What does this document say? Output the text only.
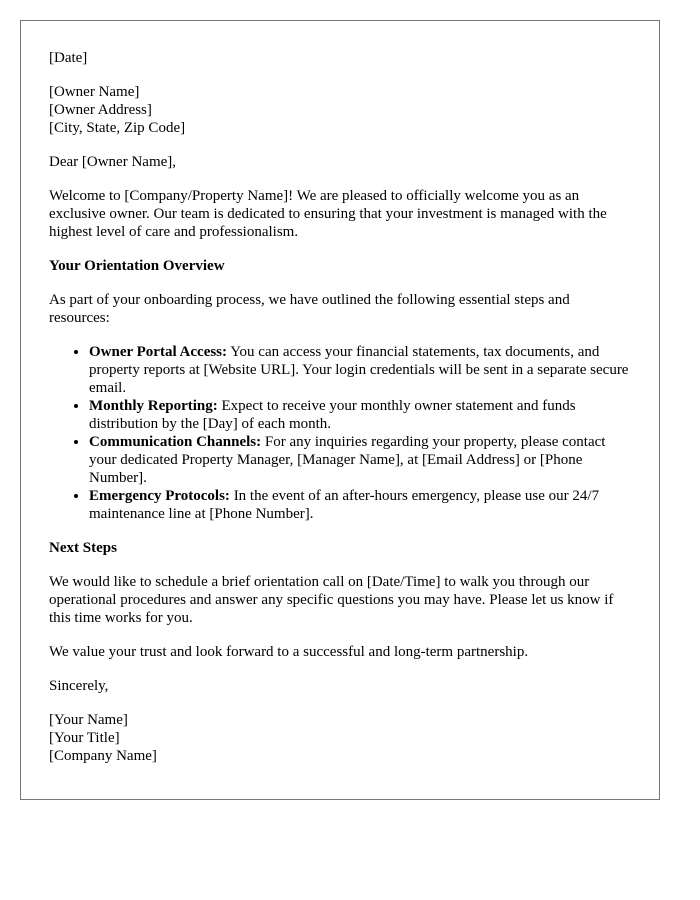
[Date]

[Owner Name]
[Owner Address]
[City, State, Zip Code]

Dear [Owner Name],

Welcome to [Company/Property Name]! We are pleased to officially welcome you as an exclusive owner. Our team is dedicated to ensuring that your investment is managed with the highest level of care and professionalism.

Your Orientation Overview

As part of your onboarding process, we have outlined the following essential steps and resources:

• Owner Portal Access: You can access your financial statements, tax documents, and property reports at [Website URL]. Your login credentials will be sent in a separate secure email.
• Monthly Reporting: Expect to receive your monthly owner statement and funds distribution by the [Day] of each month.
• Communication Channels: For any inquiries regarding your property, please contact your dedicated Property Manager, [Manager Name], at [Email Address] or [Phone Number].
• Emergency Protocols: In the event of an after-hours emergency, please use our 24/7 maintenance line at [Phone Number].

Next Steps

We would like to schedule a brief orientation call on [Date/Time] to walk you through our operational procedures and answer any specific questions you may have. Please let us know if this time works for you.

We value your trust and look forward to a successful and long-term partnership.

Sincerely,

[Your Name]
[Your Title]
[Company Name]
